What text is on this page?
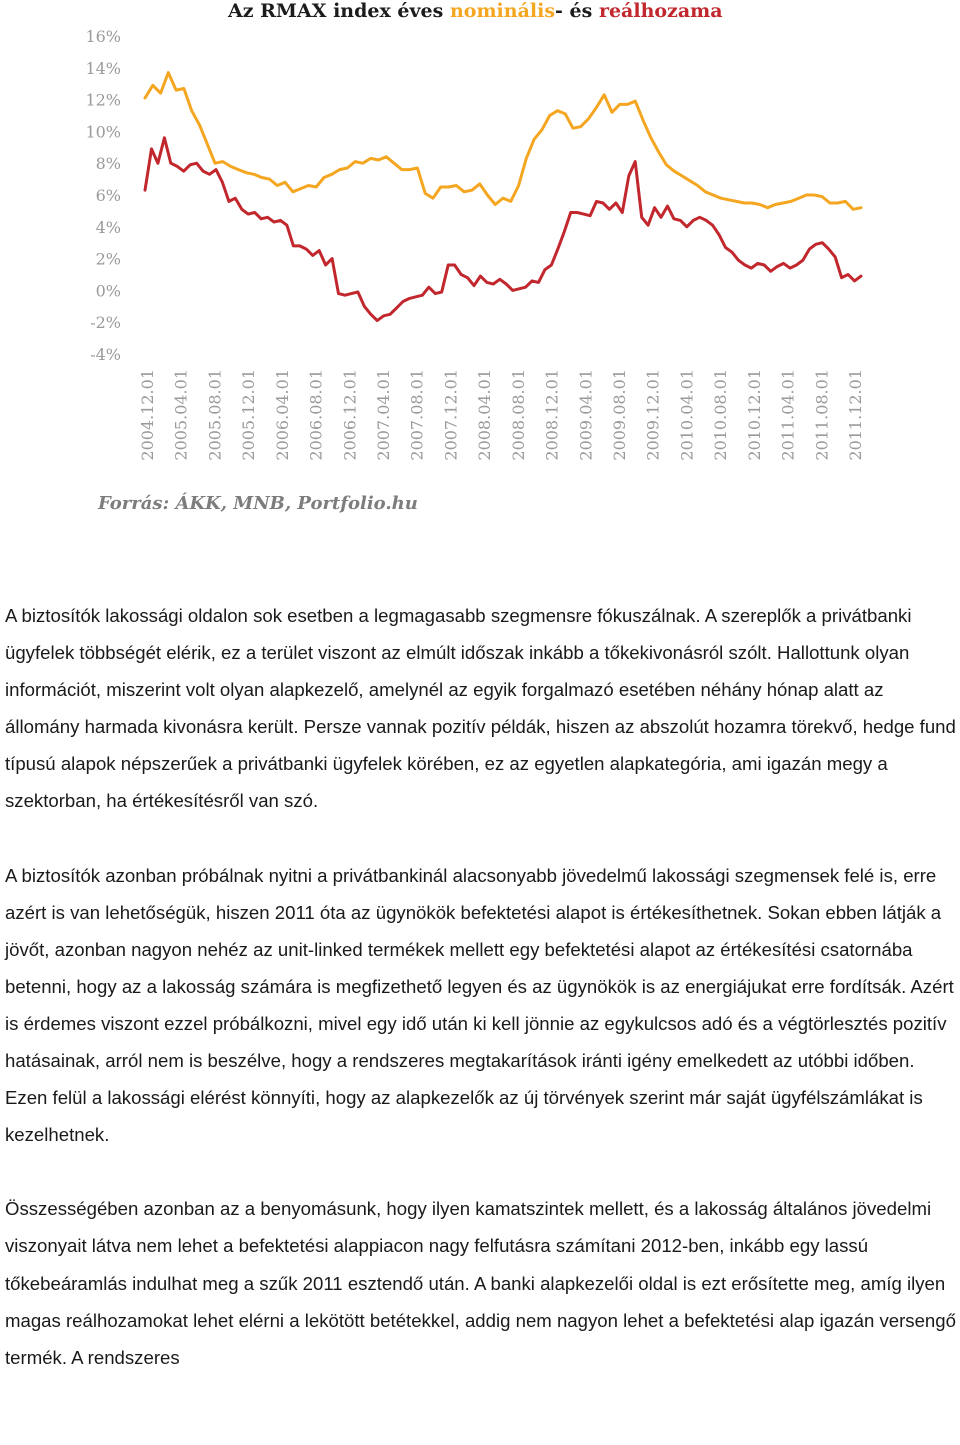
Az RMAX index éves nominális- és reálhozama
16%
14%
12%
10%
8%
6%
4%
2%
0%
-2%
-4%
2004.12.01 2005.04.01 2005.08.01 2005.12.01 2006.04.01 2006.08.01 2006.12.01 2007.04.01 2007.08.01 2007.12.01 2008.04.01 2008.08.01 2008.12.01 2009.04.01 2009.08.01 2009.12.01 2010.04.01 2010.08.01 2010.12.01 2011.04.01 2011.08.01 2011.12.01
Forrás: ÁKK, MNB, Portfolio.hu

A biztosítók lakossági oldalon sok esetben a legmagasabb szegmensre fókuszálnak. A szereplők a privátbanki ügyfelek többségét elérik, ez a terület viszont az elmúlt időszak inkább a tőkekivonásról szólt. Hallottunk olyan információt, miszerint volt olyan alapkezelő, amelynél az egyik forgalmazó esetében néhány hónap alatt az állomány harmada kivonásra került. Persze vannak pozitív példák, hiszen az abszolút hozamra törekvő, hedge fund típusú alapok népszerűek a privátbanki ügyfelek körében, ez az egyetlen alapkategória, ami igazán megy a szektorban, ha értékesítésről van szó.

A biztosítók azonban próbálnak nyitni a privátbankinál alacsonyabb jövedelmű lakossági szegmensek felé is, erre azért is van lehetőségük, hiszen 2011 óta az ügynökök befektetési alapot is értékesíthetnek. Sokan ebben látják a jövőt, azonban nagyon nehéz az unit-linked termékek mellett egy befektetési alapot az értékesítési csatornába betenni, hogy az a lakosság számára is megfizethető legyen és az ügynökök is az energiájukat erre fordítsák. Azért is érdemes viszont ezzel próbálkozni, mivel egy idő után ki kell jönnie az egykulcsos adó és a végtörlesztés pozitív hatásainak, arról nem is beszélve, hogy a rendszeres megtakarítások iránti igény emelkedett az utóbbi időben. Ezen felül a lakossági elérést könnyíti, hogy az alapkezelők az új törvények szerint már saját ügyfélszámlákat is kezelhetnek.

Összességében azonban az a benyomásunk, hogy ilyen kamatszintek mellett, és a lakosság általános jövedelmi viszonyait látva nem lehet a befektetési alappiacon nagy felfutásra számítani 2012-ben, inkább egy lassú tőkebeáramlás indulhat meg a szűk 2011 esztendő után. A banki alapkezelői oldal is ezt erősítette meg, amíg ilyen magas reálhozamokat lehet elérni a lekötött betétekkel, addig nem nagyon lehet a befektetési alap igazán versengő termék. A rendszeres
